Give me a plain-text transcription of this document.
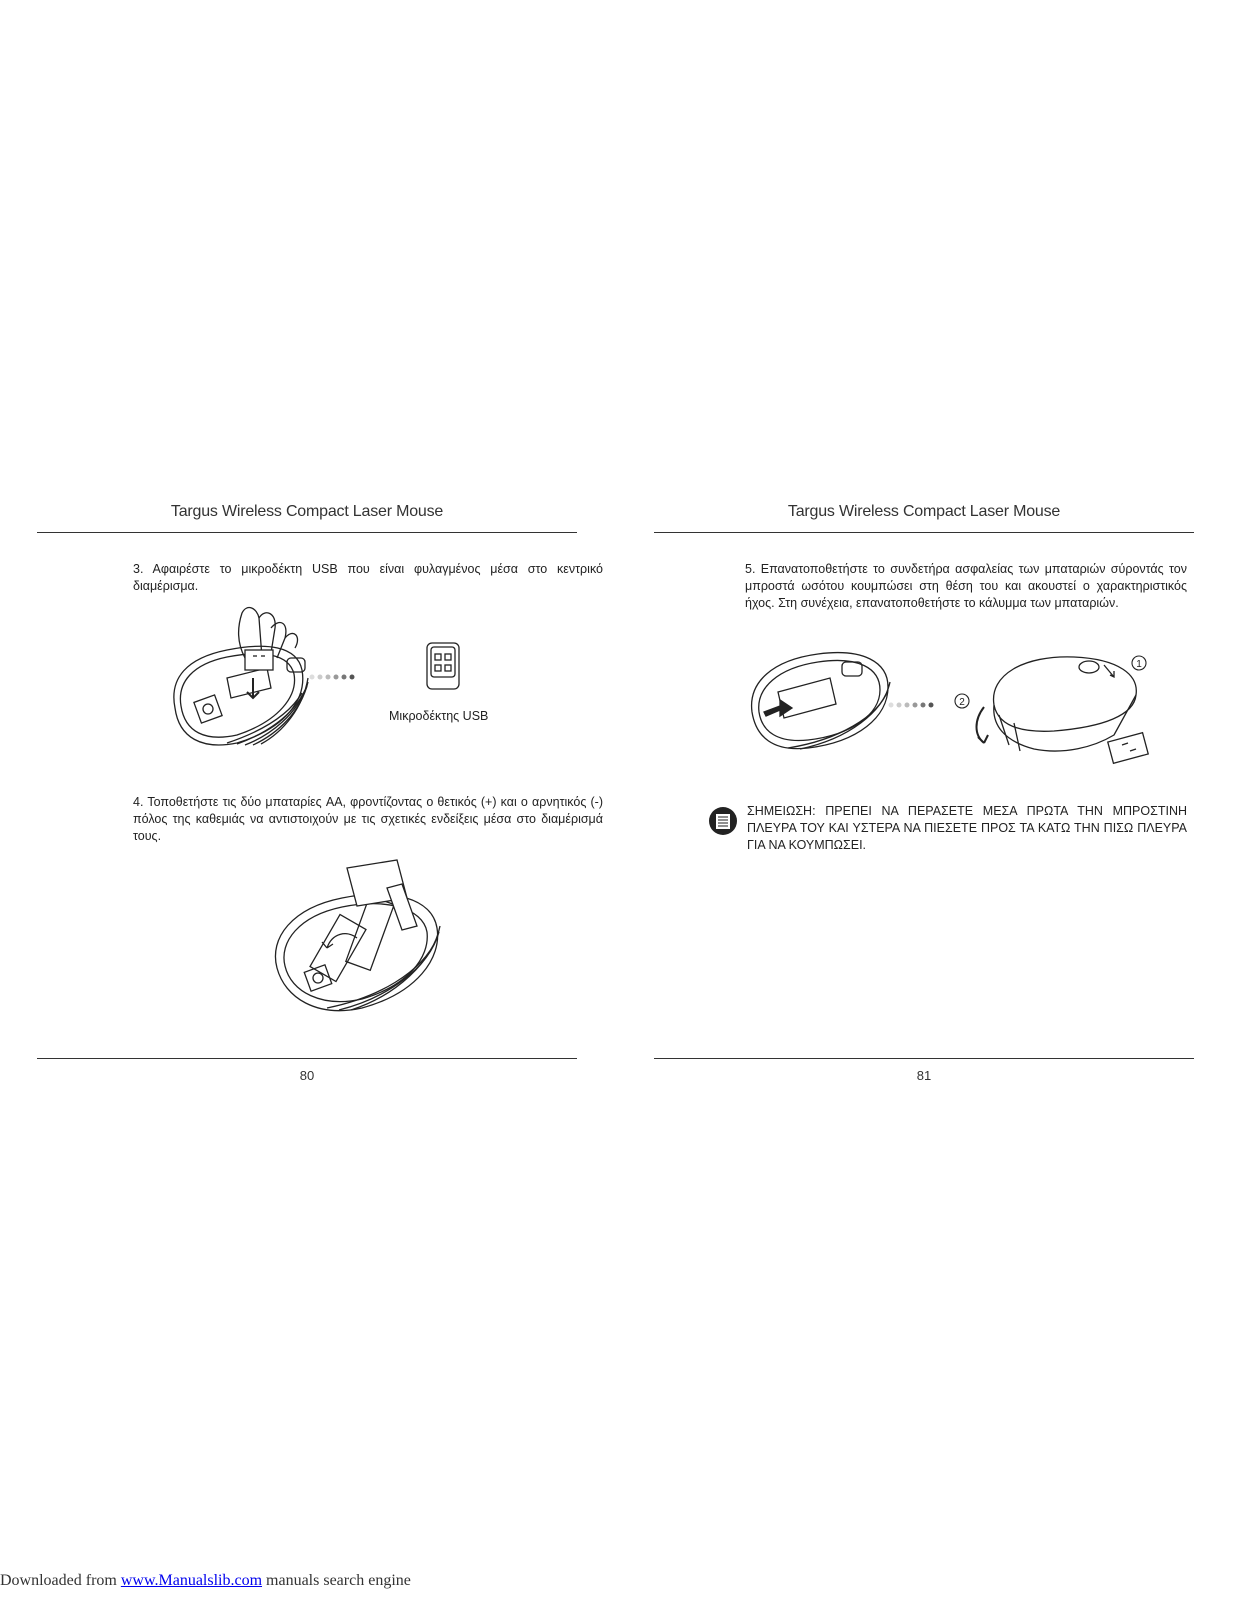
Targus Wireless Compact Laser Mouse
3. Αφαιρέστε το μικροδέκτη USB που είναι φυλαγμένος μέσα στο κεντρικό διαμέρισμα.
Μικροδέκτης USB
4. Τοποθετήστε τις δύο μπαταρίες AA, φροντίζοντας ο θετικός (+) και ο αρνητικός (-) πόλος της καθεμιάς να αντιστοιχούν με τις σχετικές ενδείξεις μέσα στο διαμέρισμά τους.
80
Targus Wireless Compact Laser Mouse
5. Επανατοποθετήστε το συνδετήρα ασφαλείας των μπαταριών σύροντάς τον μπροστά ωσότου κουμπώσει στη θέση του και ακουστεί ο χαρακτηριστικός ήχος. Στη συνέχεια, επανατοποθετήστε το κάλυμμα των μπαταριών.
1
2
ΣΗΜΕΙΩΣΗ: ΠΡΕΠΕΙ ΝΑ ΠΕΡΑΣΕΤΕ ΜΕΣΑ ΠΡΩΤΑ ΤΗΝ ΜΠΡΟΣΤΙΝΗ ΠΛΕΥΡΑ ΤΟΥ ΚΑΙ ΥΣΤΕΡΑ ΝΑ ΠΙΕΣΕΤΕ ΠΡΟΣ ΤΑ ΚΑΤΩ ΤΗΝ ΠΙΣΩ ΠΛΕΥΡΑ ΓΙΑ ΝΑ ΚΟΥΜΠΩΣΕΙ.
81
Downloaded from www.Manualslib.com manuals search engine
